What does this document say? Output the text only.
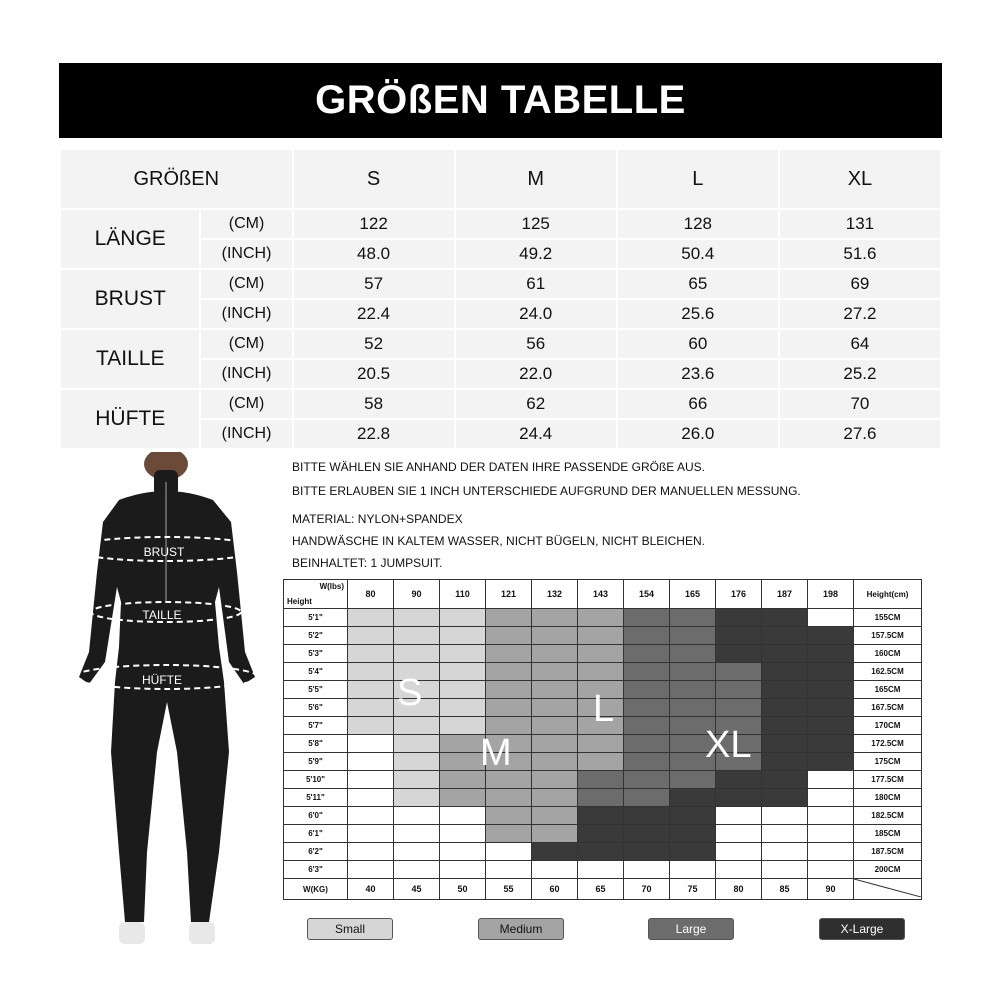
GRÖßEN TABELLE
GRÖßEN		S	M	L	XL
LÄNGE	(CM)	122	125	128	131
	(INCH)	48.0	49.2	50.4	51.6
BRUST	(CM)	57	61	65	69
	(INCH)	22.4	24.0	25.6	27.2
TAILLE	(CM)	52	56	60	64
	(INCH)	20.5	22.0	23.6	25.2
HÜFTE	(CM)	58	62	66	70
	(INCH)	22.8	24.4	26.0	27.6
BRUST
TAILLE
HÜFTE
BITTE WÄHLEN SIE ANHAND DER DATEN IHRE PASSENDE GRÖßE AUS.
BITTE ERLAUBEN SIE 1 INCH UNTERSCHIEDE AUFGRUND DER MANUELLEN MESSUNG.
MATERIAL: NYLON+SPANDEX
HANDWÄSCHE IN KALTEM WASSER, NICHT BÜGELN, NICHT BLEICHEN.
BEINHALTET: 1 JUMPSUIT.
W(lbs)
Height	80	90	110	121	132	143	154	165	176	187	198	Height(cm)
5'1"												155CM
5'2"												157.5CM
5'3"												160CM
5'4"												162.5CM
5'5"												165CM
5'6"												167.5CM
5'7"												170CM
5'8"												172.5CM
5'9"												175CM
5'10"												177.5CM
5'11"												180CM
6'0"												182.5CM
6'1"												185CM
6'2"												187.5CM
6'3"												200CM
W(KG)	40	45	50	55	60	65	70	75	80	85	90	
S
M
L
XL
Small	Medium	Large	X-Large
